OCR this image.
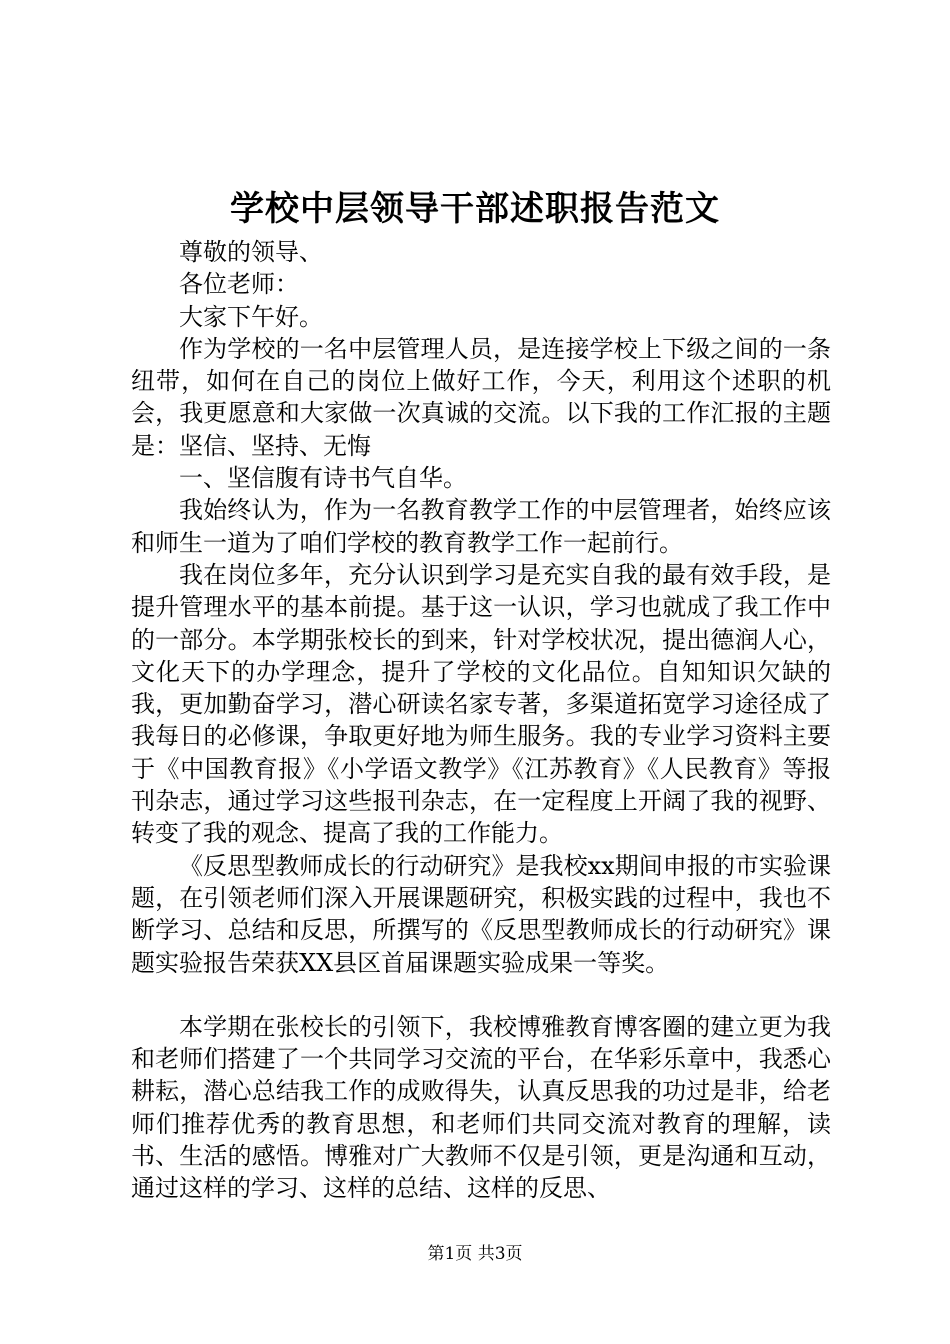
学校中层领导干部述职报告范文

尊敬的领导、

各位老师：

大家下午好。

作为学校的一名中层管理人员，是连接学校上下级之间的一条纽带，如何在自己的岗位上做好工作，今天，利用这个述职的机会，我更愿意和大家做一次真诚的交流。以下我的工作汇报的主题是：坚信、坚持、无悔

一、坚信腹有诗书气自华。

我始终认为，作为一名教育教学工作的中层管理者，始终应该和师生一道为了咱们学校的教育教学工作一起前行。

我在岗位多年，充分认识到学习是充实自我的最有效手段，是提升管理水平的基本前提。基于这一认识，学习也就成了我工作中的一部分。本学期张校长的到来，针对学校状况，提出德润人心，文化天下的办学理念，提升了学校的文化品位。自知知识欠缺的我，更加勤奋学习，潜心研读名家专著，多渠道拓宽学习途径成了我每日的必修课，争取更好地为师生服务。我的专业学习资料主要于《中国教育报》《小学语文教学》《江苏教育》《人民教育》等报刊杂志，通过学习这些报刊杂志，在一定程度上开阔了我的视野、转变了我的观念、提高了我的工作能力。

《反思型教师成长的行动研究》是我校xx期间申报的市实验课题，在引领老师们深入开展课题研究，积极实践的过程中，我也不断学习、总结和反思，所撰写的《反思型教师成长的行动研究》课题实验报告荣获XX县区首届课题实验成果一等奖。

本学期在张校长的引领下，我校博雅教育博客圈的建立更为我和老师们搭建了一个共同学习交流的平台，在华彩乐章中，我悉心耕耘，潜心总结我工作的成败得失，认真反思我的功过是非，给老师们推荐优秀的教育思想，和老师们共同交流对教育的理解，读书、生活的感悟。博雅对广大教师不仅是引领，更是沟通和互动，通过这样的学习、这样的总结、这样的反思、

第1页 共3页
